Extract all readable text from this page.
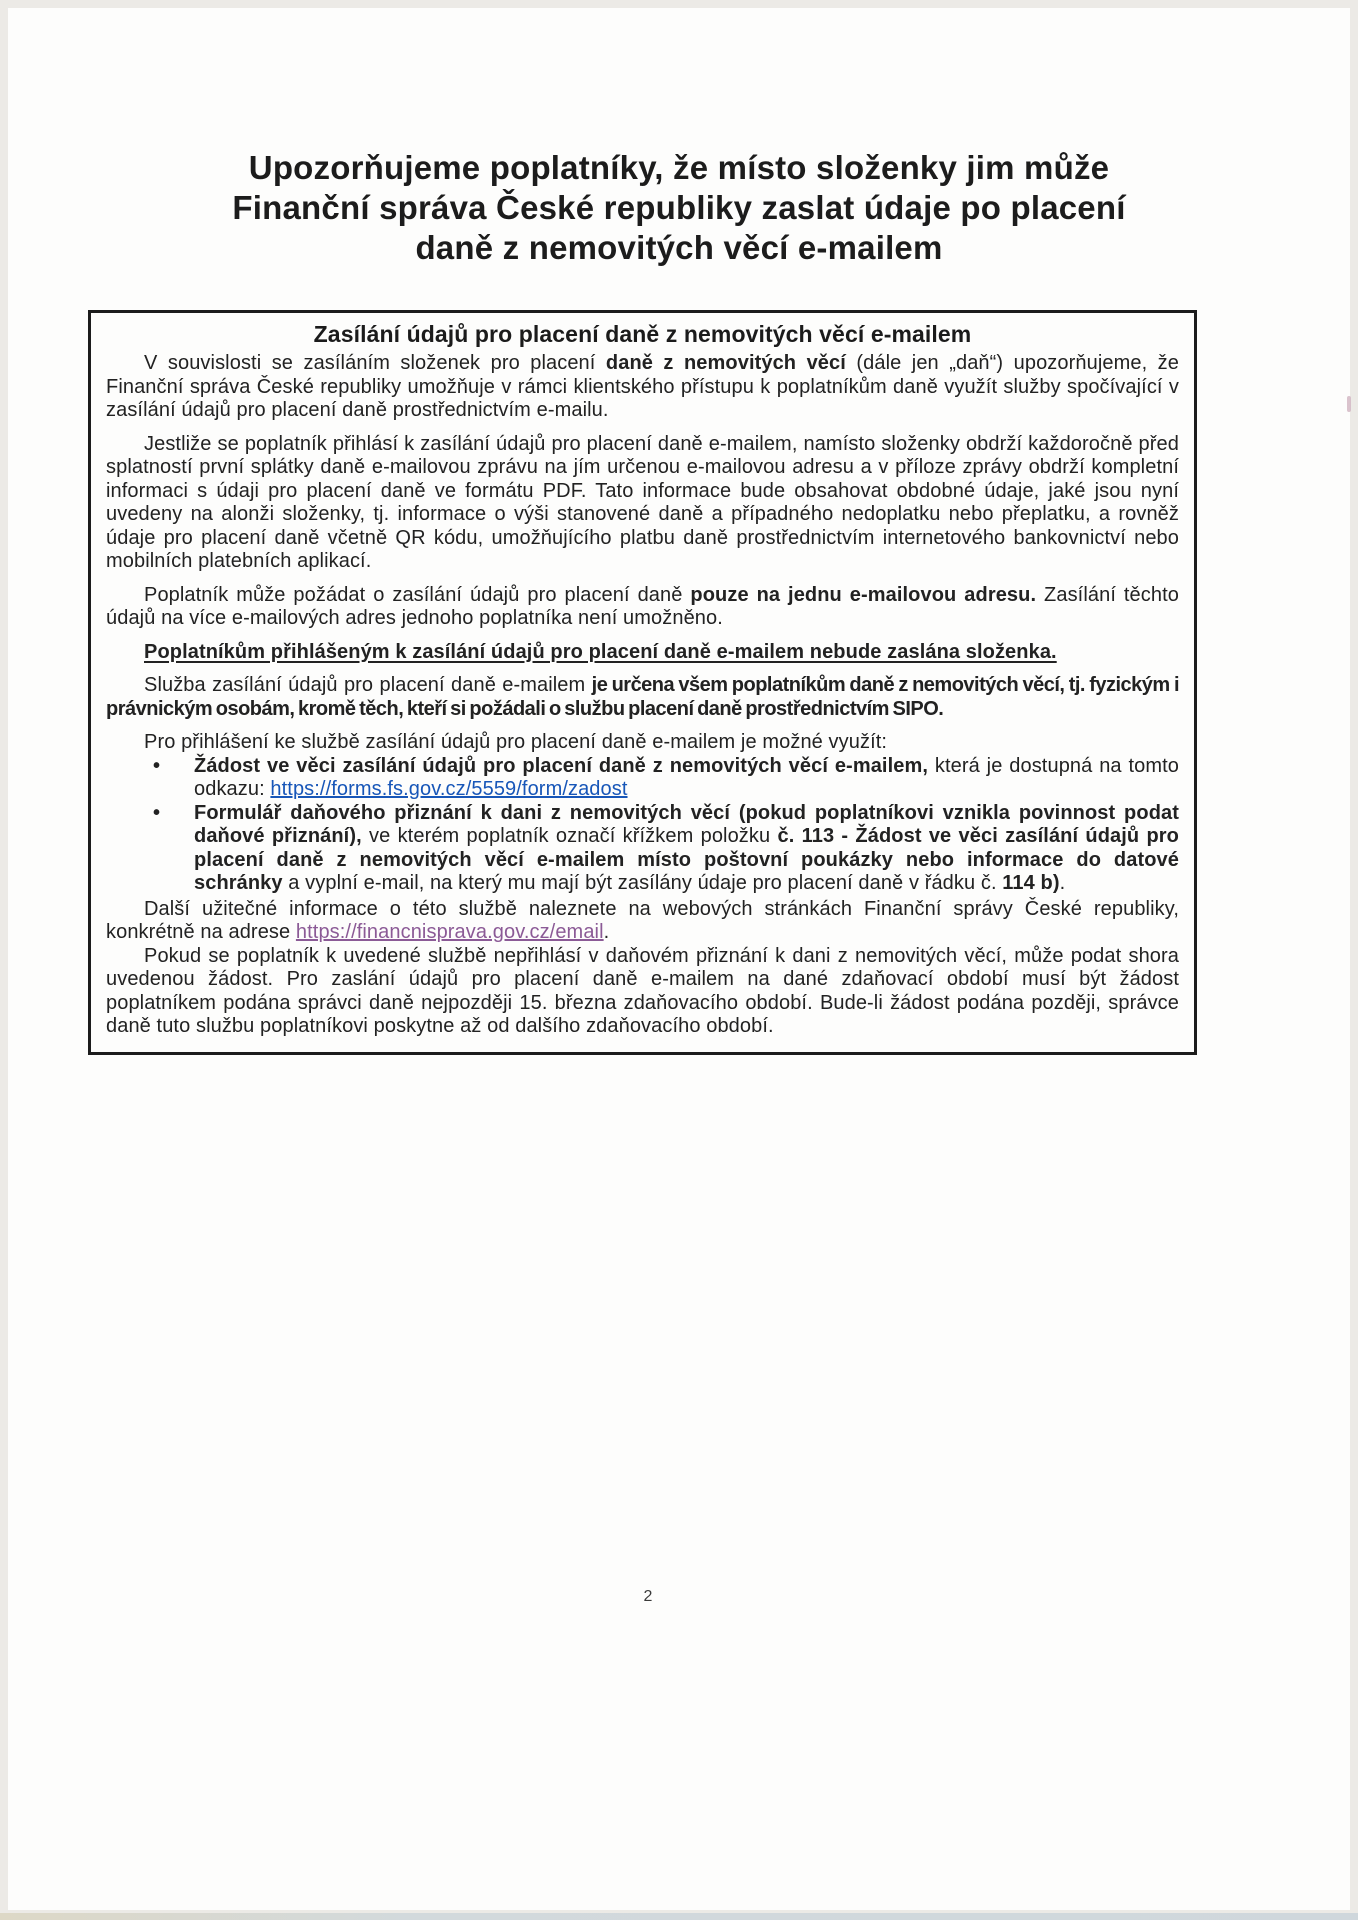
Upozorňujeme poplatníky, že místo složenky jim může
Finanční správa České republiky zaslat údaje po placení
daně z nemovitých věcí e-mailem
Zasílání údajů pro placení daně z nemovitých věcí e-mailem

V souvislosti se zasíláním složenek pro placení daně z nemovitých věcí (dále jen „daň“) upozorňujeme, že Finanční správa České republiky umožňuje v rámci klientského přístupu k poplatníkům daně využít služby spočívající v zasílání údajů pro placení daně prostřednictvím e-mailu.

Jestliže se poplatník přihlásí k zasílání údajů pro placení daně e-mailem, namísto složenky obdrží každoročně před splatností první splátky daně e-mailovou zprávu na jím určenou e-mailovou adresu a v příloze zprávy obdrží kompletní informaci s údaji pro placení daně ve formátu PDF. Tato informace bude obsahovat obdobné údaje, jaké jsou nyní uvedeny na alonži složenky, tj. informace o výši stanovené daně a případného nedoplatku nebo přeplatku, a rovněž údaje pro placení daně včetně QR kódu, umožňujícího platbu daně prostřednictvím internetového bankovnictví nebo mobilních platebních aplikací.

Poplatník může požádat o zasílání údajů pro placení daně pouze na jednu e-mailovou adresu. Zasílání těchto údajů na více e-mailových adres jednoho poplatníka není umožněno.

Poplatníkům přihlášeným k zasílání údajů pro placení daně e-mailem nebude zaslána složenka.

Služba zasílání údajů pro placení daně e-mailem je určena všem poplatníkům daně z nemovitých věcí, tj. fyzickým i právnickým osobám, kromě těch, kteří si požádali o službu placení daně prostřednictvím SIPO.

Pro přihlášení ke službě zasílání údajů pro placení daně e-mailem je možné využít:

• Žádost ve věci zasílání údajů pro placení daně z nemovitých věcí e-mailem, která je dostupná na tomto odkazu: https://forms.fs.gov.cz/5559/form/zadost
• Formulář daňového přiznání k dani z nemovitých věcí (pokud poplatníkovi vznikla povinnost podat daňové přiznání), ve kterém poplatník označí křížkem položku č. 113 - Žádost ve věci zasílání údajů pro placení daně z nemovitých věcí e-mailem místo poštovní poukázky nebo informace do datové schránky a vyplní e-mail, na který mu mají být zasílány údaje pro placení daně v řádku č. 114 b).

Další užitečné informace o této službě naleznete na webových stránkách Finanční správy České republiky, konkrétně na adrese https://financnisprava.gov.cz/email.

Pokud se poplatník k uvedené službě nepřihlásí v daňovém přiznání k dani z nemovitých věcí, může podat shora uvedenou žádost. Pro zaslání údajů pro placení daně e-mailem na dané zdaňovací období musí být žádost poplatníkem podána správci daně nejpozději 15. března zdaňovacího období. Bude-li žádost podána později, správce daně tuto službu poplatníkovi poskytne až od dalšího zdaňovacího období.

2
